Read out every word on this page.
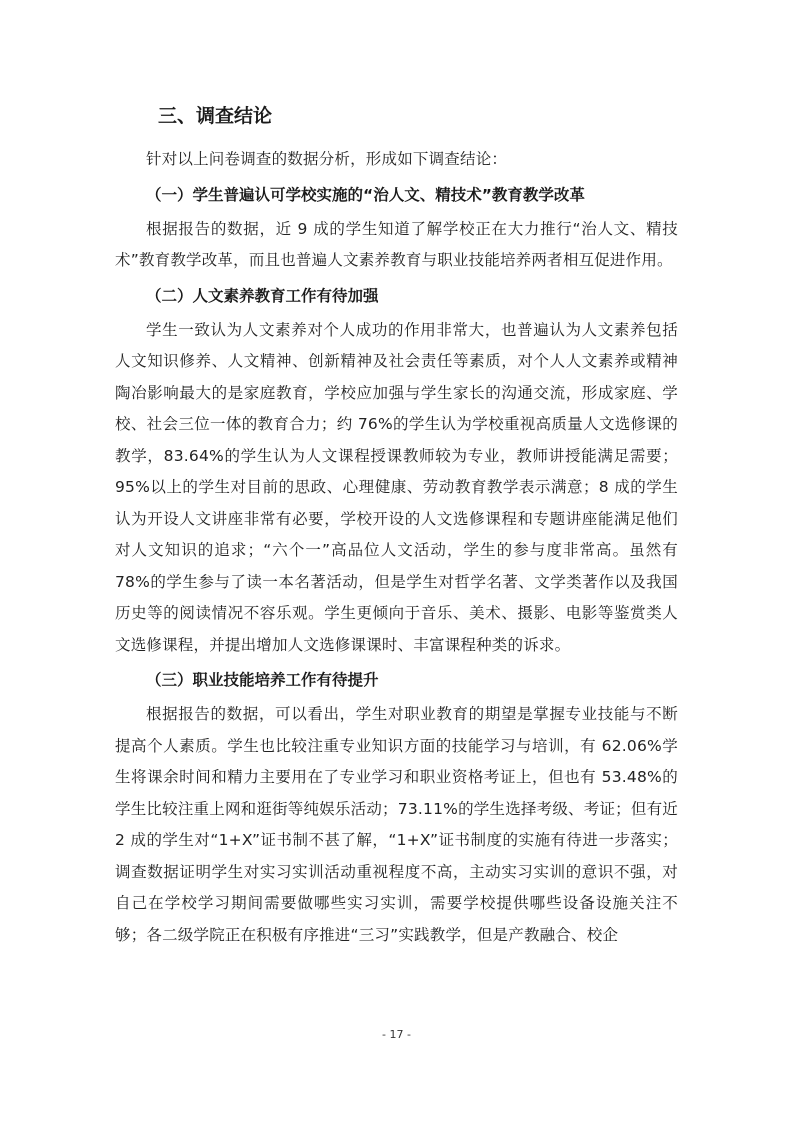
三、调查结论

针对以上问卷调查的数据分析，形成如下调查结论：

（一）学生普遍认可学校实施的“治人文、精技术”教育教学改革

根据报告的数据，近 9 成的学生知道了解学校正在大力推行“治人文、精技术”教育教学改革，而且也普遍人文素养教育与职业技能培养两者相互促进作用。

（二）人文素养教育工作有待加强

学生一致认为人文素养对个人成功的作用非常大，也普遍认为人文素养包括人文知识修养、人文精神、创新精神及社会责任等素质，对个人人文素养或精神陶冶影响最大的是家庭教育，学校应加强与学生家长的沟通交流，形成家庭、学校、社会三位一体的教育合力；约 76%的学生认为学校重视高质量人文选修课的教学，83.64%的学生认为人文课程授课教师较为专业，教师讲授能满足需要；95%以上的学生对目前的思政、心理健康、劳动教育教学表示满意；8 成的学生认为开设人文讲座非常有必要，学校开设的人文选修课程和专题讲座能满足他们对人文知识的追求；“六个一”高品位人文活动，学生的参与度非常高。虽然有78%的学生参与了读一本名著活动，但是学生对哲学名著、文学类著作以及我国历史等的阅读情况不容乐观。学生更倾向于音乐、美术、摄影、电影等鉴赏类人文选修课程，并提出增加人文选修课课时、丰富课程种类的诉求。

（三）职业技能培养工作有待提升

根据报告的数据，可以看出，学生对职业教育的期望是掌握专业技能与不断提高个人素质。学生也比较注重专业知识方面的技能学习与培训，有 62.06%学生将课余时间和精力主要用在了专业学习和职业资格考证上，但也有 53.48%的学生比较注重上网和逛街等纯娱乐活动；73.11%的学生选择考级、考证；但有近 2 成的学生对“1+X”证书制不甚了解，“1+X”证书制度的实施有待进一步落实；调查数据证明学生对实习实训活动重视程度不高，主动实习实训的意识不强，对自己在学校学习期间需要做哪些实习实训，需要学校提供哪些设备设施关注不够；各二级学院正在积极有序推进“三习”实践教学，但是产教融合、校企

- 17 -
